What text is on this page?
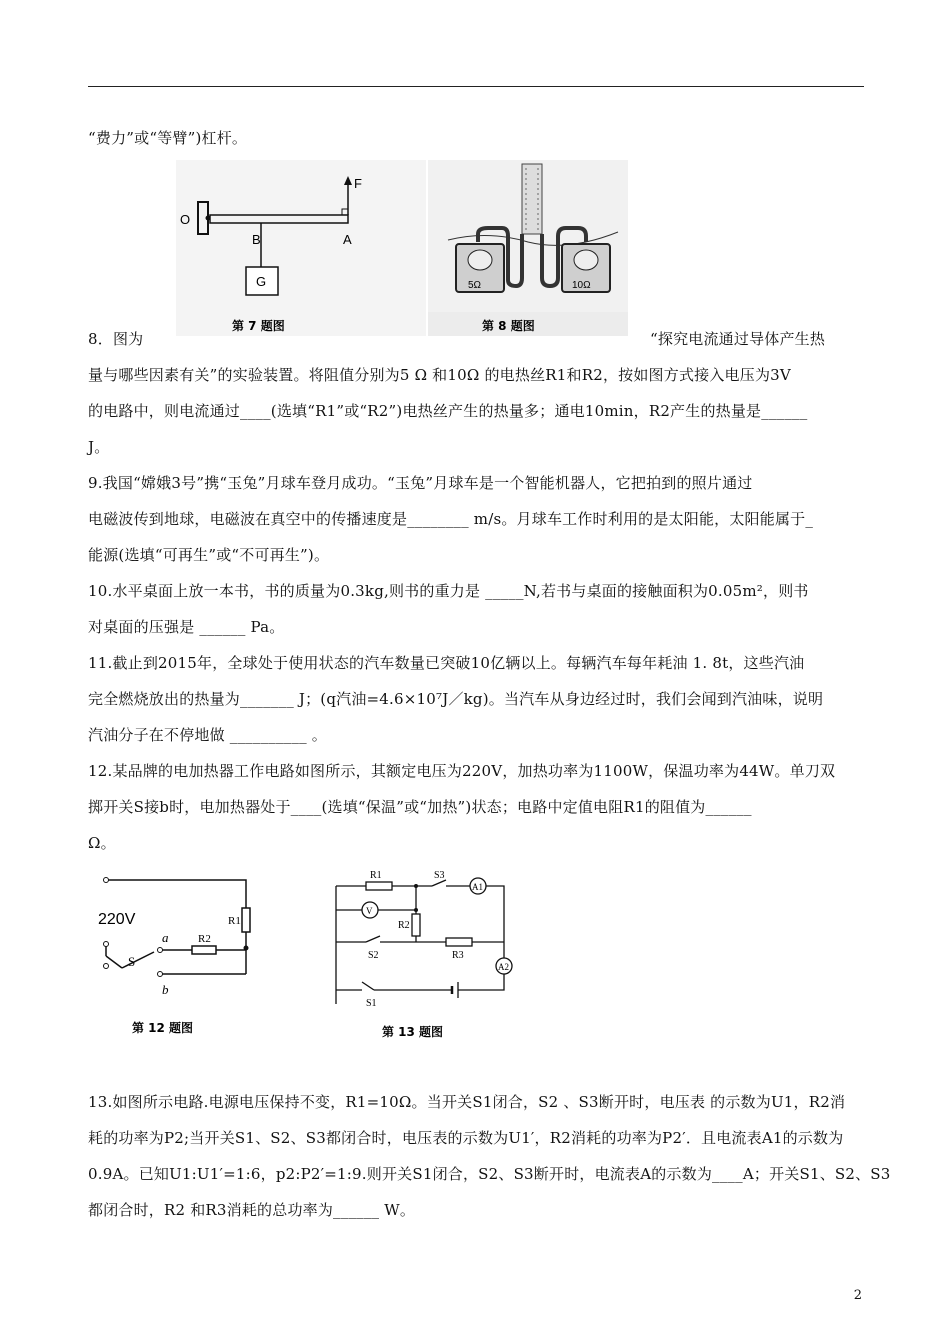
“费力”或“等臂”)杠杆。
O
F
B	A
G
第 7 题图
5Ω	10Ω
第 8 题图
8．图为	“探究电流通过导体产生热
量与哪些因素有关”的实验装置。将阻值分别为5 Ω 和10Ω 的电热丝R1和R2，按如图方式接入电压为3V
的电路中，则电流通过____(选填“R1”或“R2”)电热丝产生的热量多；通电10min，R2产生的热量是______
J。
9.我国“嫦娥3号”携“玉兔”月球车登月成功。“玉兔”月球车是一个智能机器人，它把拍到的照片通过
电磁波传到地球，电磁波在真空中的传播速度是________ m/s。月球车工作时利用的是太阳能，太阳能属于_
能源(选填“可再生”或“不可再生”)。
10.水平桌面上放一本书，书的质量为0.3kg,则书的重力是 _____N,若书与桌面的接触面积为0.05m²，则书
对桌面的压强是 ______ Pa。
11.截止到2015年，全球处于使用状态的汽车数量已突破10亿辆以上。每辆汽车每年耗油 1. 8t，这些汽油
完全燃烧放出的热量为_______ J；(q汽油=4.6×10⁷J／kg)。当汽车从身边经过时，我们会闻到汽油味，说明
汽油分子在不停地做 __________ 。
12.某品牌的电加热器工作电路如图所示，其额定电压为220V，加热功率为1100W，保温功率为44W。单刀双
掷开关S接b时，电加热器处于____(选填“保温”或“加热”)状态；电路中定值电阻R1的阻值为______
Ω。
220V	R1
R2
a
b
S
第 12 题图
R1	S3
A1
V
R2
S2	R3
A2
S1
第 13 题图
13.如图所示电路.电源电压保持不变，R1=10Ω。当开关S1闭合，S2 、S3断开时，电压表 的示数为U1，R2消
耗的功率为P2;当开关S1、S2、S3都闭合时，电压表的示数为U1′，R2消耗的功率为P2′．且电流表A1的示数为
0.9A。已知U1:U1′=1:6，p2:P2′=1:9.则开关S1闭合，S2、S3断开时，电流表A的示数为____A；开关S1、S2、S3
都闭合时，R2 和R3消耗的总功率为______ W。
2
